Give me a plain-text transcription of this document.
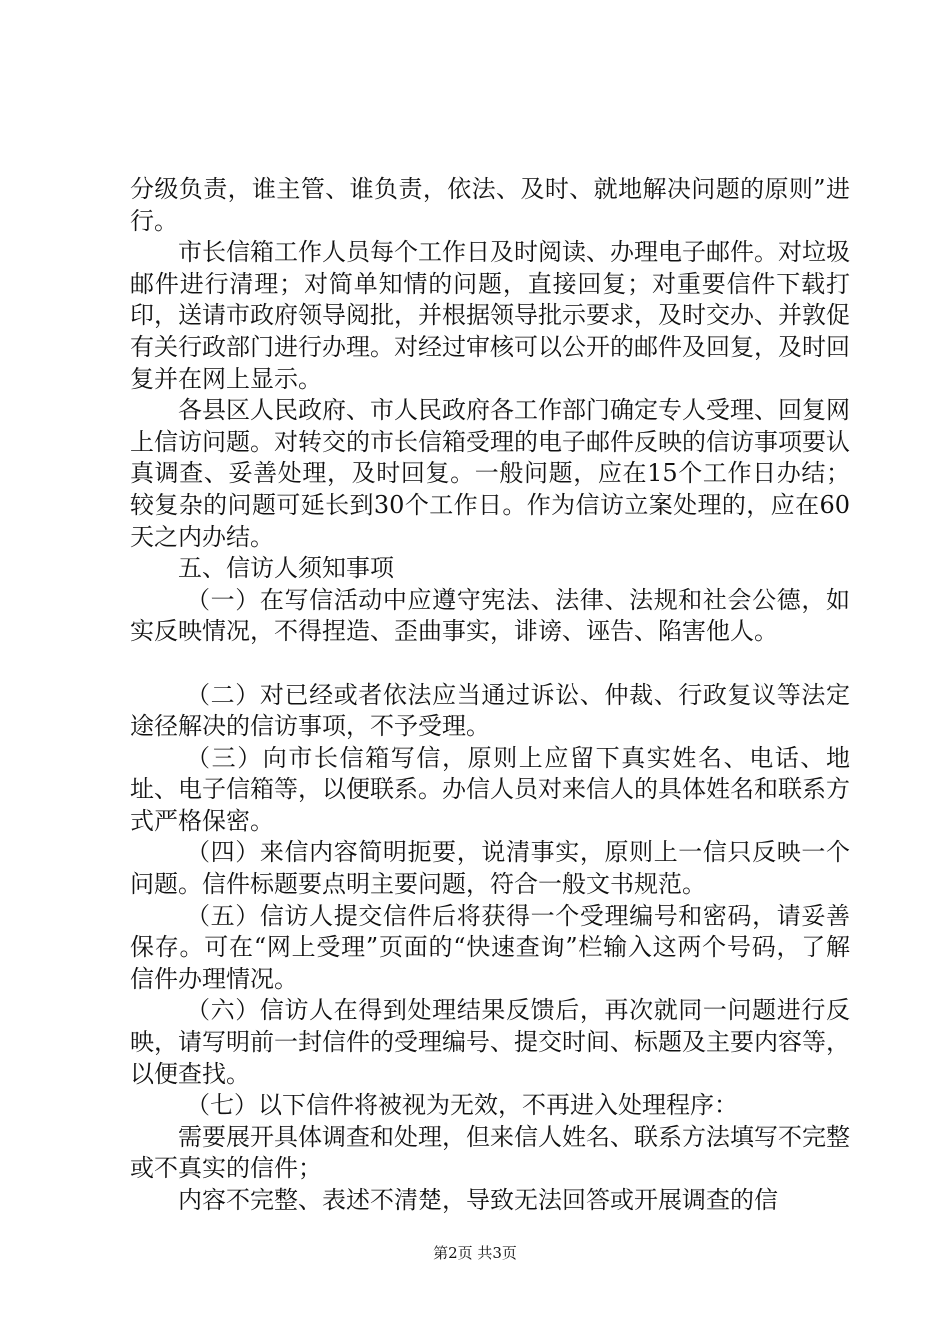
分级负责，谁主管、谁负责，依法、及时、就地解决问题的原则”进行。

市长信箱工作人员每个工作日及时阅读、办理电子邮件。对垃圾邮件进行清理；对简单知情的问题，直接回复；对重要信件下载打印，送请市政府领导阅批，并根据领导批示要求，及时交办、并敦促有关行政部门进行办理。对经过审核可以公开的邮件及回复，及时回复并在网上显示。

各县区人民政府、市人民政府各工作部门确定专人受理、回复网上信访问题。对转交的市长信箱受理的电子邮件反映的信访事项要认真调查、妥善处理，及时回复。一般问题，应在15个工作日办结；较复杂的问题可延长到30个工作日。作为信访立案处理的，应在60天之内办结。

五、信访人须知事项

（一）在写信活动中应遵守宪法、法律、法规和社会公德，如实反映情况，不得捏造、歪曲事实，诽谤、诬告、陷害他人。

（二）对已经或者依法应当通过诉讼、仲裁、行政复议等法定途径解决的信访事项，不予受理。

（三）向市长信箱写信，原则上应留下真实姓名、电话、地址、电子信箱等，以便联系。办信人员对来信人的具体姓名和联系方式严格保密。

（四）来信内容简明扼要，说清事实，原则上一信只反映一个问题。信件标题要点明主要问题，符合一般文书规范。

（五）信访人提交信件后将获得一个受理编号和密码，请妥善保存。可在“网上受理”页面的“快速查询”栏输入这两个号码，了解信件办理情况。

（六）信访人在得到处理结果反馈后，再次就同一问题进行反映，请写明前一封信件的受理编号、提交时间、标题及主要内容等，以便查找。

（七）以下信件将被视为无效，不再进入处理程序：

需要展开具体调查和处理，但来信人姓名、联系方法填写不完整或不真实的信件；

内容不完整、表述不清楚，导致无法回答或开展调查的信

第2页 共3页
